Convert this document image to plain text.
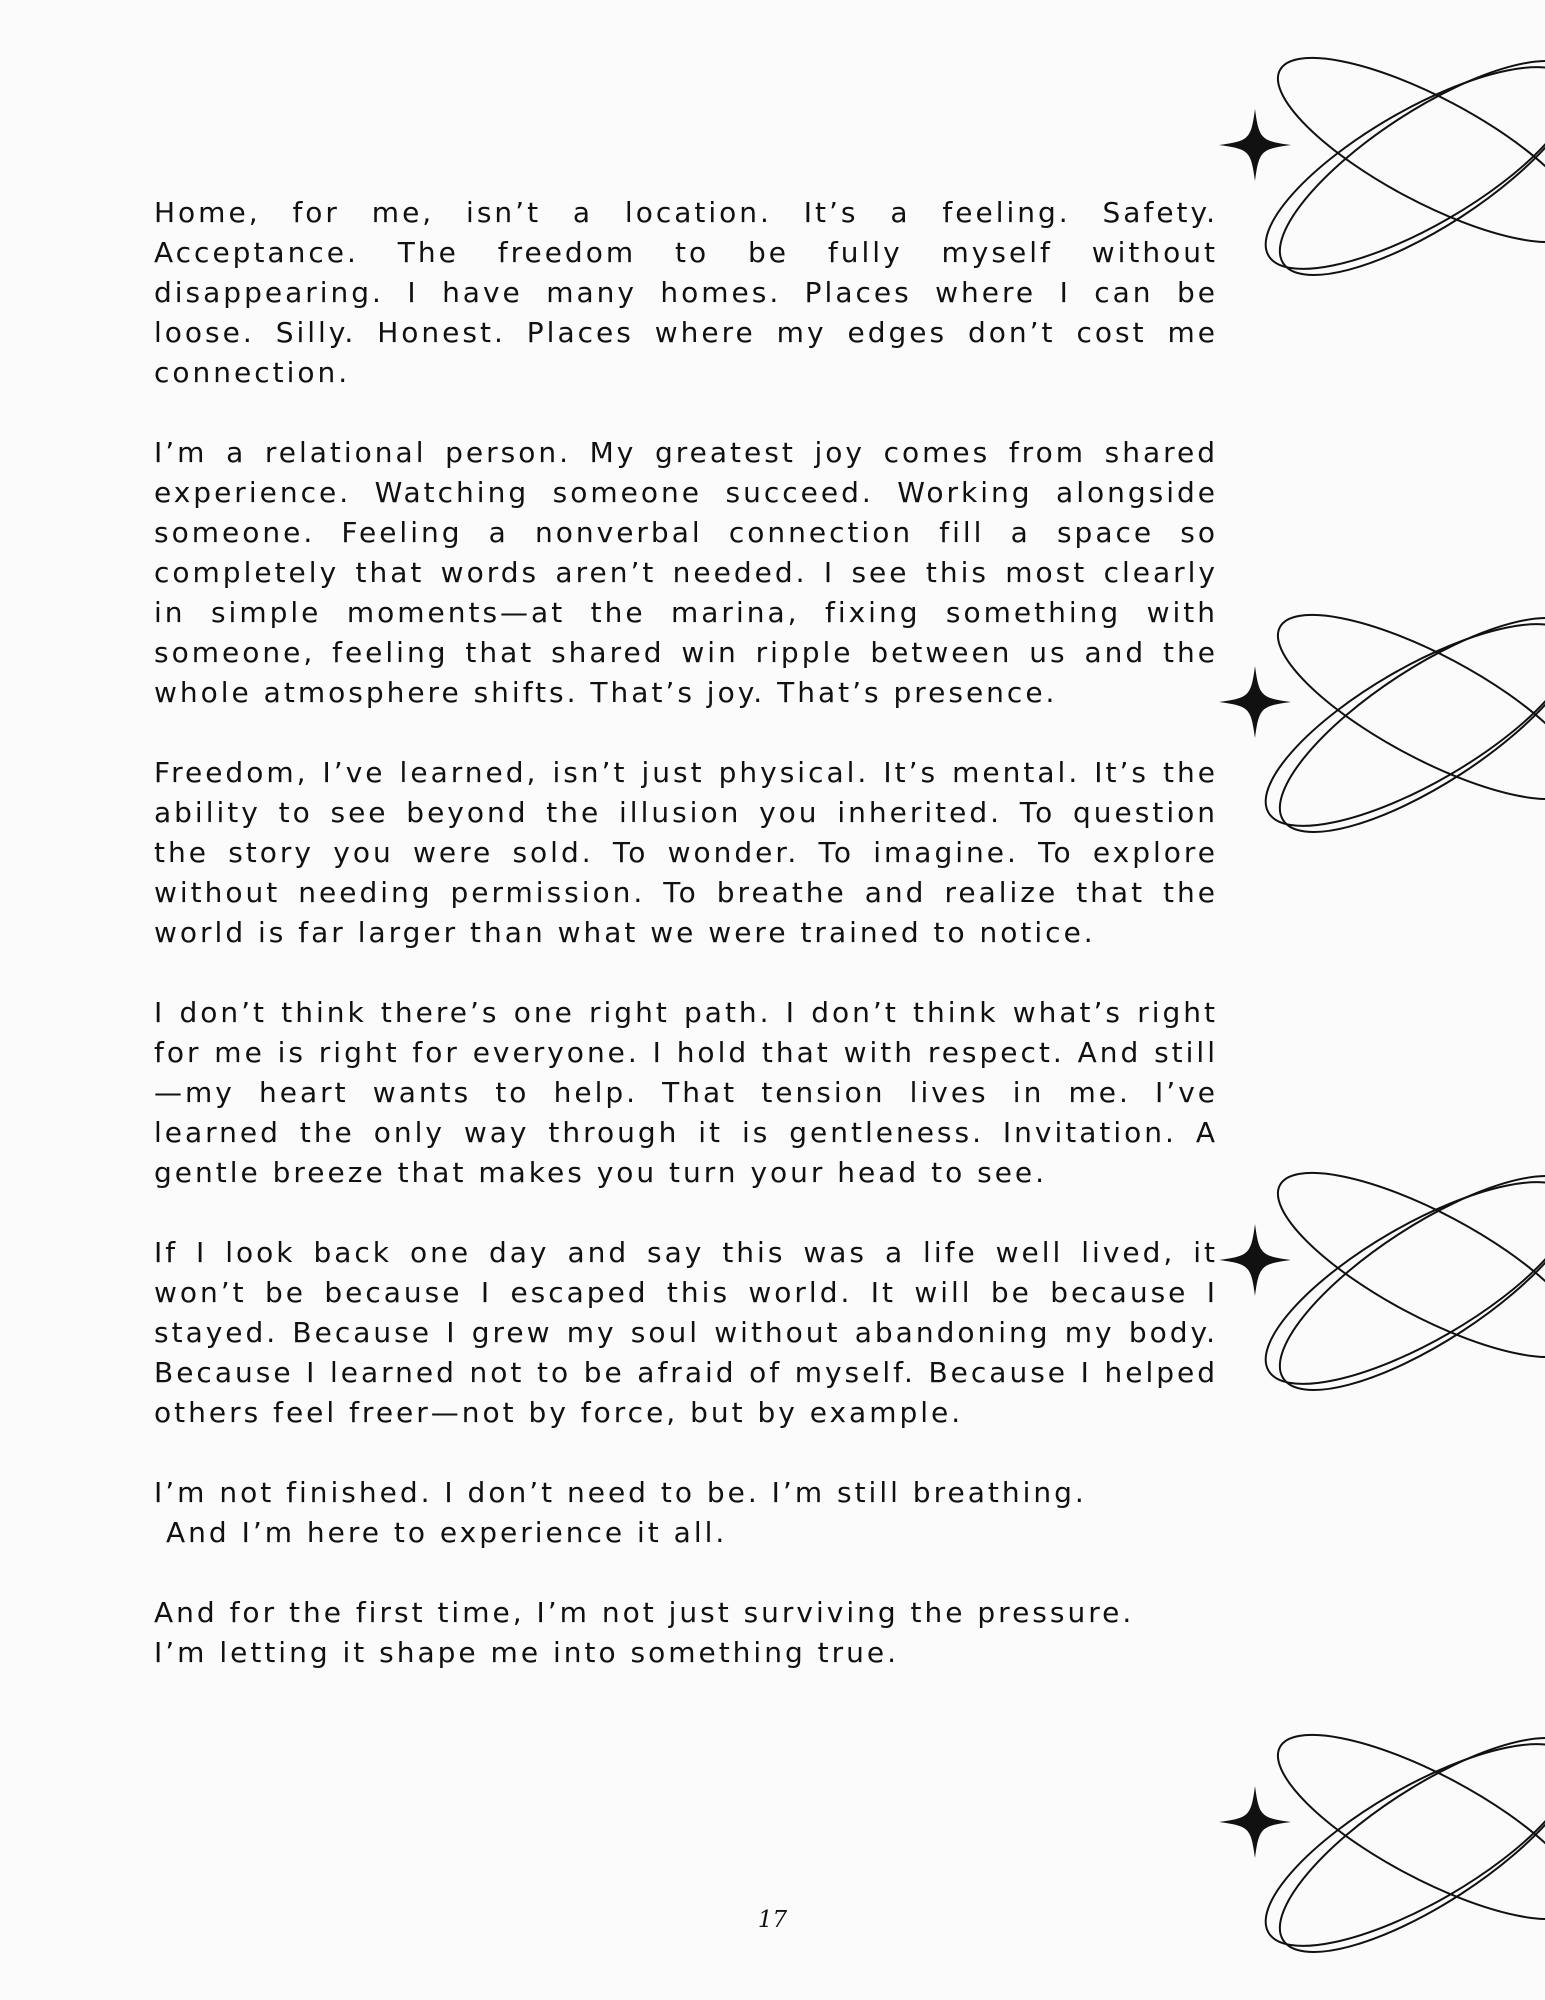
Home, for me, isn’t a location. It’s a feeling. Safety. Acceptance. The freedom to be fully myself without disappearing. I have many homes. Places where I can be loose. Silly. Honest. Places where my edges don’t cost me connection.

I’m a relational person. My greatest joy comes from shared experience. Watching someone succeed. Working alongside someone. Feeling a nonverbal connection fill a space so completely that words aren’t needed. I see this most clearly in simple moments—at the marina, fixing something with someone, feeling that shared win ripple between us and the whole atmosphere shifts. That’s joy. That’s presence.

Freedom, I’ve learned, isn’t just physical. It’s mental. It’s the ability to see beyond the illusion you inherited. To question the story you were sold. To wonder. To imagine. To explore without needing permission. To breathe and realize that the world is far larger than what we were trained to notice.

I don’t think there’s one right path. I don’t think what’s right for me is right for everyone. I hold that with respect. And still—my heart wants to help. That tension lives in me. I’ve learned the only way through it is gentleness. Invitation. A gentle breeze that makes you turn your head to see.

If I look back one day and say this was a life well lived, it won’t be because I escaped this world. It will be because I stayed. Because I grew my soul without abandoning my body. Because I learned not to be afraid of myself. Because I helped others feel freer—not by force, but by example.

I’m not finished. I don’t need to be. I’m still breathing.
And I’m here to experience it all.

And for the first time, I’m not just surviving the pressure.
I’m letting it shape me into something true.

17
